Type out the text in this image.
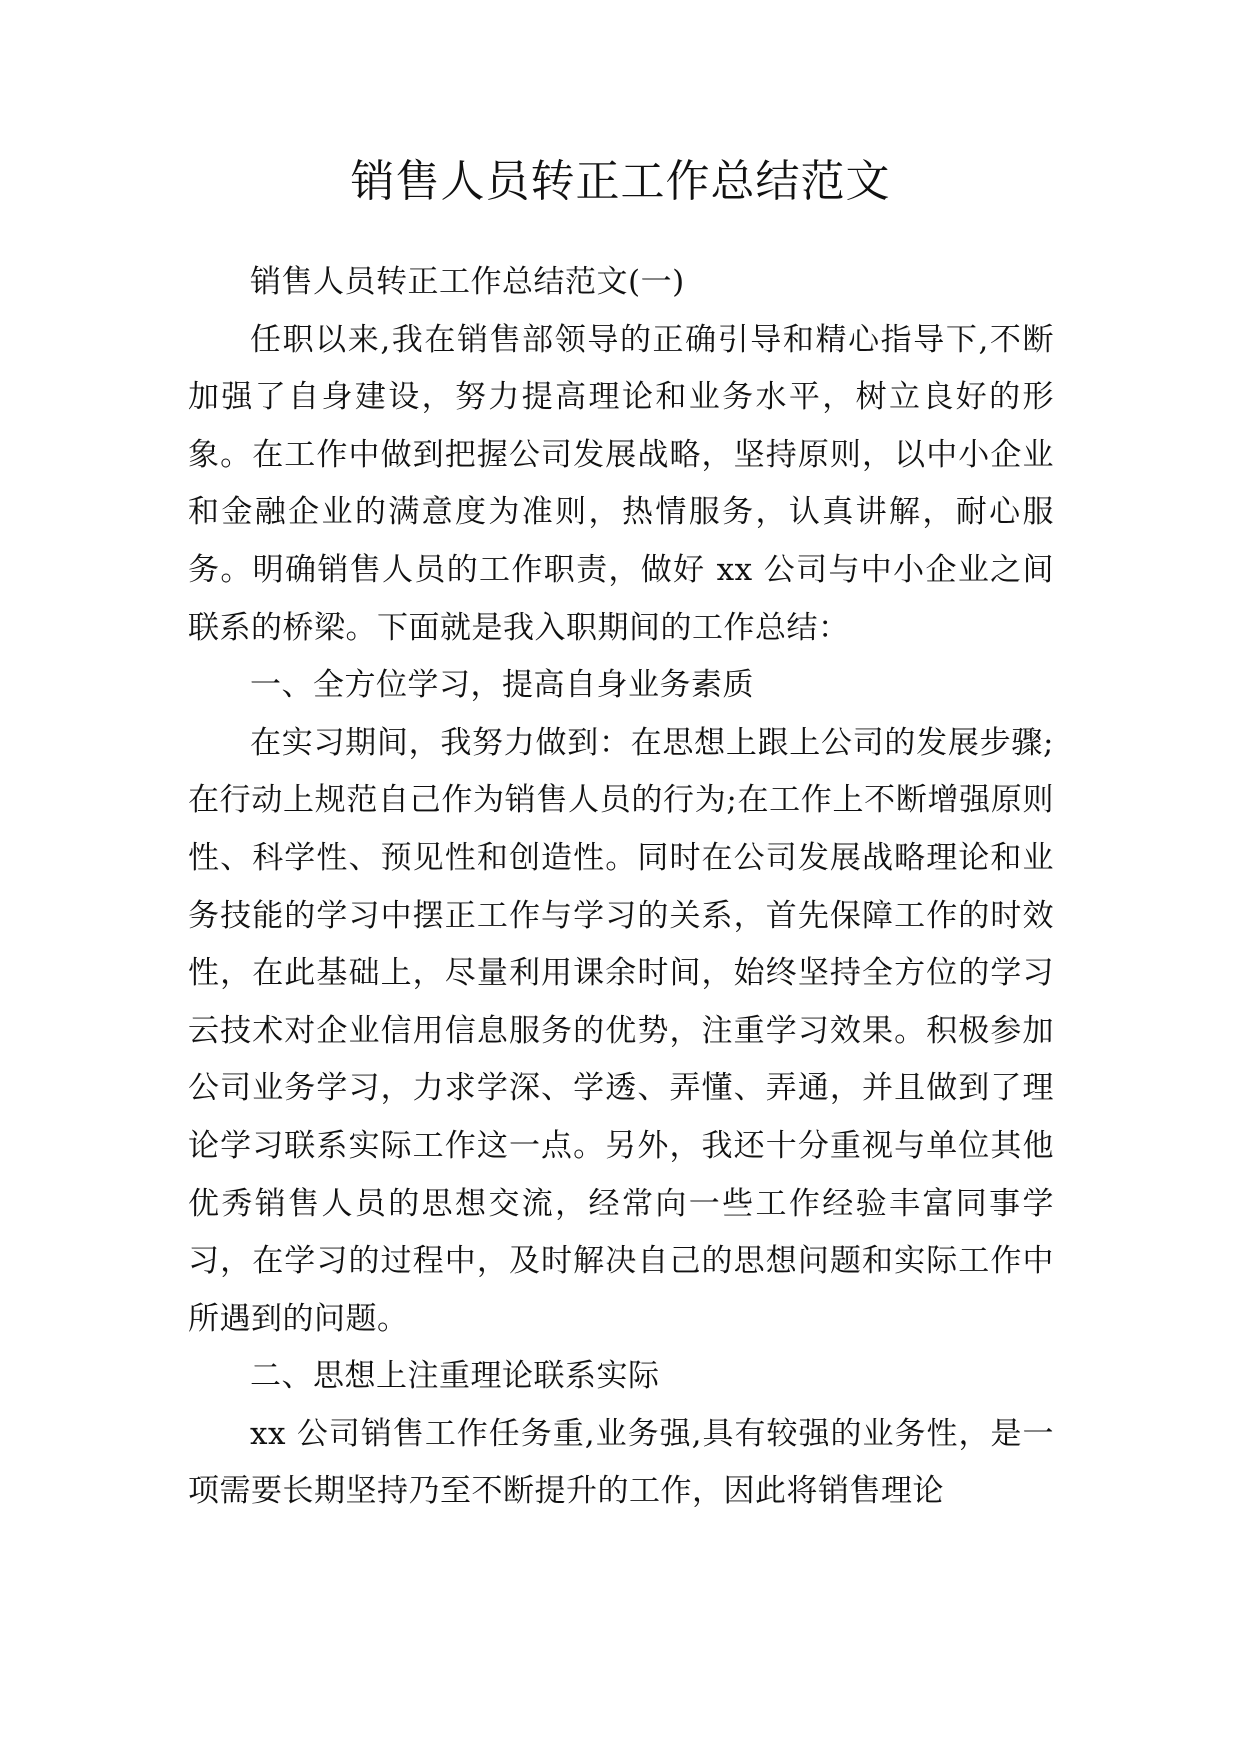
销售人员转正工作总结范文

销售人员转正工作总结范文(一)

任职以来,我在销售部领导的正确引导和精心指导下,不断加强了自身建设，努力提高理论和业务水平，树立良好的形象。在工作中做到把握公司发展战略，坚持原则，以中小企业和金融企业的满意度为准则，热情服务，认真讲解，耐心服务。明确销售人员的工作职责，做好 xx 公司与中小企业之间联系的桥梁。下面就是我入职期间的工作总结：

一、全方位学习，提高自身业务素质

在实习期间，我努力做到：在思想上跟上公司的发展步骤;在行动上规范自己作为销售人员的行为;在工作上不断增强原则性、科学性、预见性和创造性。同时在公司发展战略理论和业务技能的学习中摆正工作与学习的关系，首先保障工作的时效性，在此基础上，尽量利用课余时间，始终坚持全方位的学习云技术对企业信用信息服务的优势，注重学习效果。积极参加公司业务学习，力求学深、学透、弄懂、弄通，并且做到了理论学习联系实际工作这一点。另外，我还十分重视与单位其他优秀销售人员的思想交流，经常向一些工作经验丰富同事学习，在学习的过程中，及时解决自己的思想问题和实际工作中所遇到的问题。

二、思想上注重理论联系实际

xx 公司销售工作任务重,业务强,具有较强的业务性，是一项需要长期坚持乃至不断提升的工作，因此将销售理论
